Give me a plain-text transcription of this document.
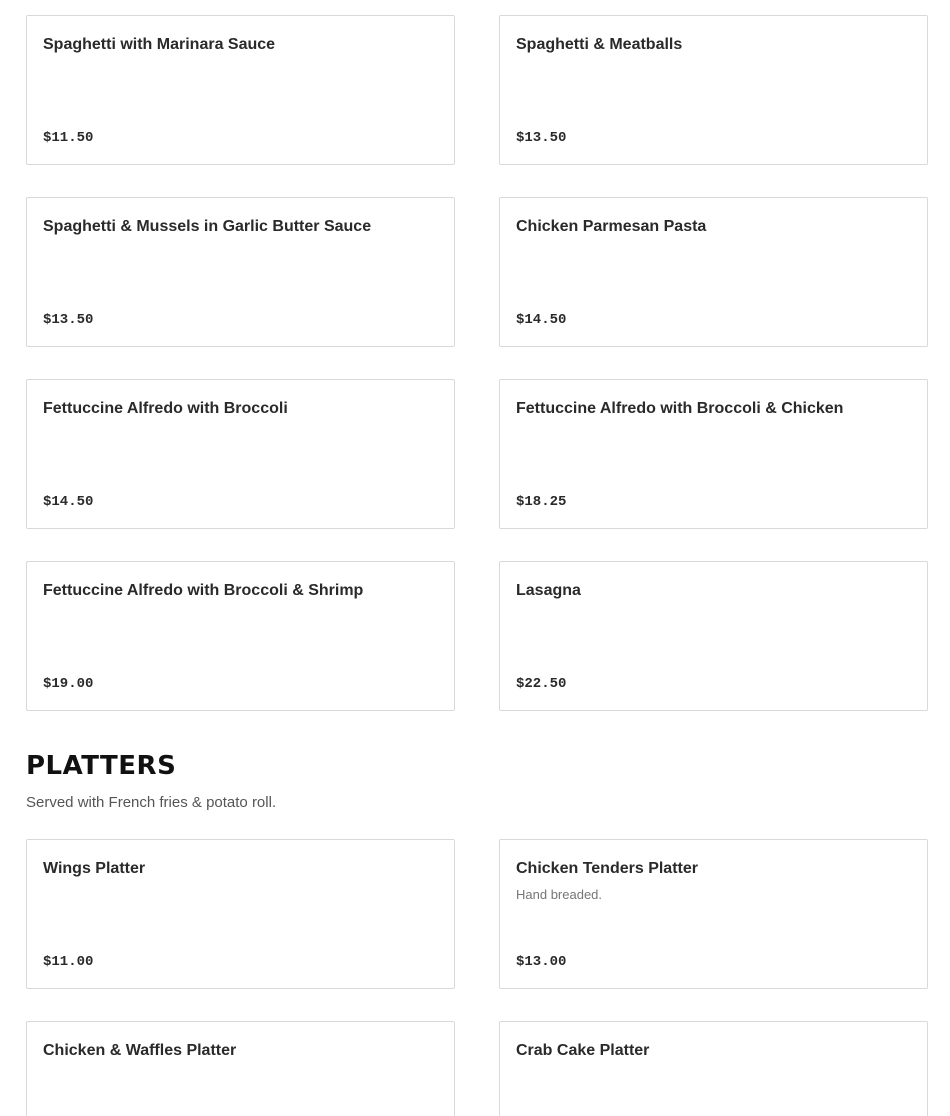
Spaghetti with Marinara Sauce
$11.50
Spaghetti & Meatballs
$13.50
Spaghetti & Mussels in Garlic Butter Sauce
$13.50
Chicken Parmesan Pasta
$14.50
Fettuccine Alfredo with Broccoli
$14.50
Fettuccine Alfredo with Broccoli & Chicken
$18.25
Fettuccine Alfredo with Broccoli & Shrimp
$19.00
Lasagna
$22.50
PLATTERS

Served with French fries & potato roll.

Wings Platter
$11.00
Chicken Tenders Platter
Hand breaded.
$13.00
Chicken & Waffles Platter	Crab Cake Platter
